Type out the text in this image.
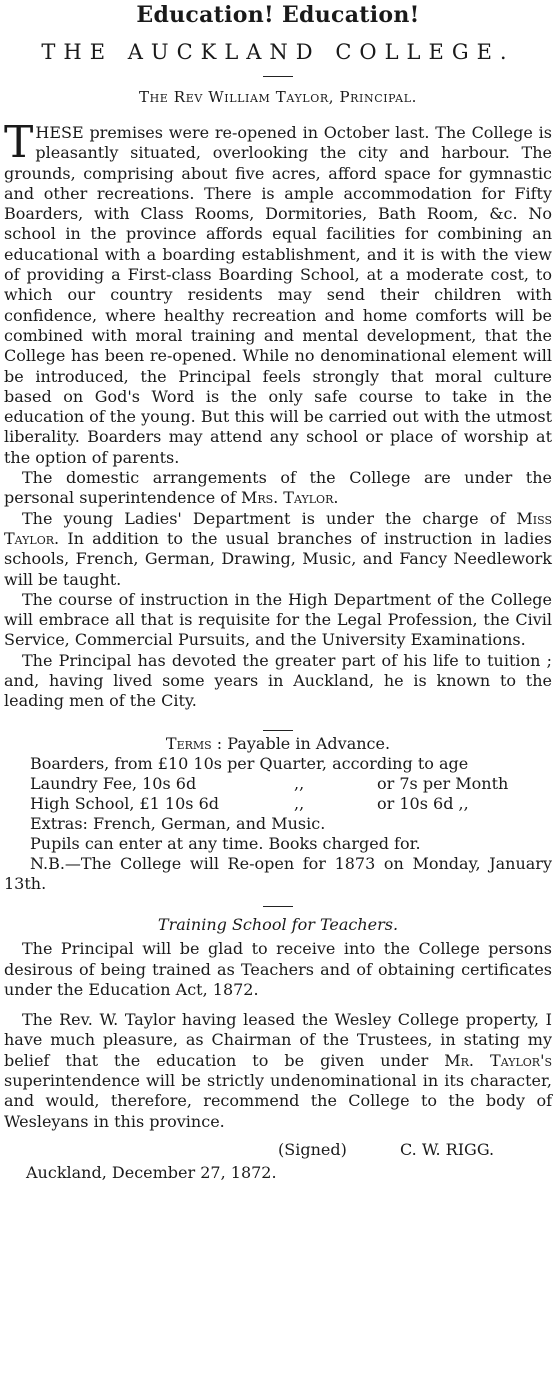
Education! Education!
THE AUCKLAND COLLEGE.
The Rev William Taylor, Principal.

THESE premises were re-opened in October last. The College is pleasantly situated, overlooking the city and harbour. The grounds, comprising about five acres, afford space for gymnastic and other recreations. There is ample accommodation for Fifty Boarders, with Class Rooms, Dormitories, Bath Room, &c. No school in the province affords equal facilities for combining an educational with a boarding establishment, and it is with the view of providing a First-class Boarding School, at a moderate cost, to which our country residents may send their children with confidence, where healthy recreation and home comforts will be combined with moral training and mental development, that the College has been re-opened. While no denominational element will be introduced, the Principal feels strongly that moral culture based on God's Word is the only safe course to take in the education of the young. But this will be carried out with the utmost liberality. Boarders may attend any school or place of worship at the option of parents.

The domestic arrangements of the College are under the personal superintendence of Mrs. Taylor.

The young Ladies' Department is under the charge of Miss Taylor. In addition to the usual branches of instruction in ladies schools, French, German, Drawing, Music, and Fancy Needlework will be taught.

The course of instruction in the High Department of the College will embrace all that is requisite for the Legal Profession, the Civil Service, Commercial Pursuits, and the University Examinations.

The Principal has devoted the greater part of his life to tuition ; and, having lived some years in Auckland, he is known to the leading men of the City.

Terms : Payable in Advance.
Boarders, from £10 10s per Quarter, according to age
Laundry Fee, 10s 6d	,,	or 7s per Month
High School, £1 10s 6d	,,	or 10s 6d ,,
Extras: French, German, and Music.
Pupils can enter at any time. Books charged for.

N.B.—The College will Re-open for 1873 on Monday, January 13th.

Training School for Teachers.

The Principal will be glad to receive into the College persons desirous of being trained as Teachers and of obtaining certificates under the Education Act, 1872.

The Rev. W. Taylor having leased the Wesley College property, I have much pleasure, as Chairman of the Trustees, in stating my belief that the education to be given under Mr. Taylor's superintendence will be strictly undenominational in its character, and would, therefore, recommend the College to the body of Wesleyans in this province.

(Signed)	C. W. RIGG.
Auckland, December 27, 1872.
